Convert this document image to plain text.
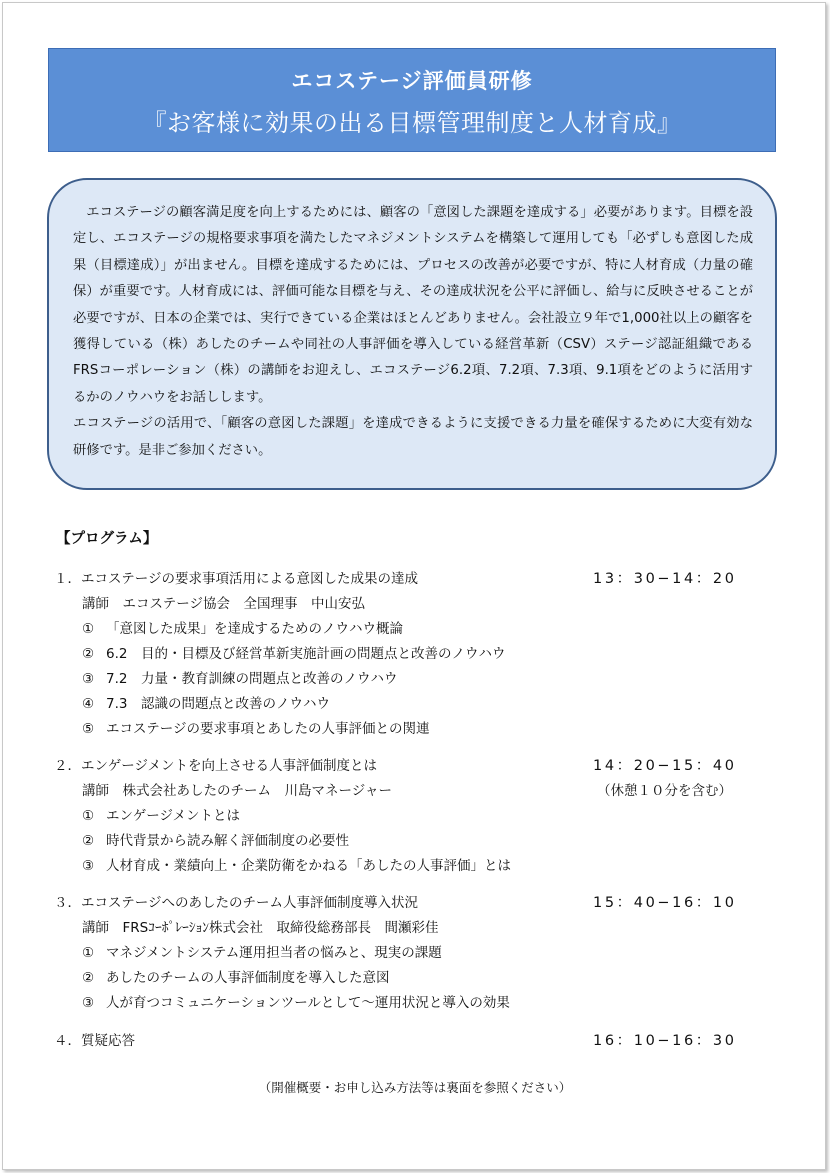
エコステージ評価員研修
『お客様に効果の出る目標管理制度と人材育成』

エコステージの顧客満足度を向上するためには、顧客の「意図した課題を達成する」必要があります。目標を設定し、エコステージの規格要求事項を満たしたマネジメントシステムを構築して運用しても「必ずしも意図した成果（目標達成）」が出ません。目標を達成するためには、プロセスの改善が必要ですが、特に人材育成（力量の確保）が重要です。人材育成には、評価可能な目標を与え、その達成状況を公平に評価し、給与に反映させることが必要ですが、日本の企業では、実行できている企業はほとんどありません。会社設立９年で1,000社以上の顧客を獲得している（株）あしたのチームや同社の人事評価を導入している経営革新（CSV）ステージ認証組織であるFRSコーポレーション（株）の講師をお迎えし、エコステージ6.2項、7.2項、7.3項、9.1項をどのように活用するかのノウハウをお話しします。

エコステージの活用で、「顧客の意図した課題」を達成できるように支援できる力量を確保するために大変有効な研修です。是非ご参加ください。

【プログラム】
１．エコステージの要求事項活用による意図した成果の達成	13：30−14：20
講師　エコステージ協会　全国理事　中山安弘
① 「意図した成果」を達成するためのノウハウ概論
② 6.2　目的・目標及び経営革新実施計画の問題点と改善のノウハウ
③ 7.2　力量・教育訓練の問題点と改善のノウハウ
④ 7.3　認識の問題点と改善のノウハウ
⑤ エコステージの要求事項とあしたの人事評価との関連
２．エンゲージメントを向上させる人事評価制度とは	14：20−15：40
講師　株式会社あしたのチーム　川島マネージャー	（休憩１０分を含む）
① エンゲージメントとは
② 時代背景から読み解く評価制度の必要性
③ 人材育成・業績向上・企業防衛をかねる「あしたの人事評価」とは
３．エコステージへのあしたのチーム人事評価制度導入状況	15：40−16：10
講師　FRSｺｰﾎﾟﾚｰｼｮﾝ株式会社　取締役総務部長　間瀬彩佳
① マネジメントシステム運用担当者の悩みと、現実の課題
② あしたのチームの人事評価制度を導入した意図
③ 人が育つコミュニケーションツールとして～運用状況と導入の効果
４．質疑応答	16：10−16：30
（開催概要・お申し込み方法等は裏面を参照ください）
